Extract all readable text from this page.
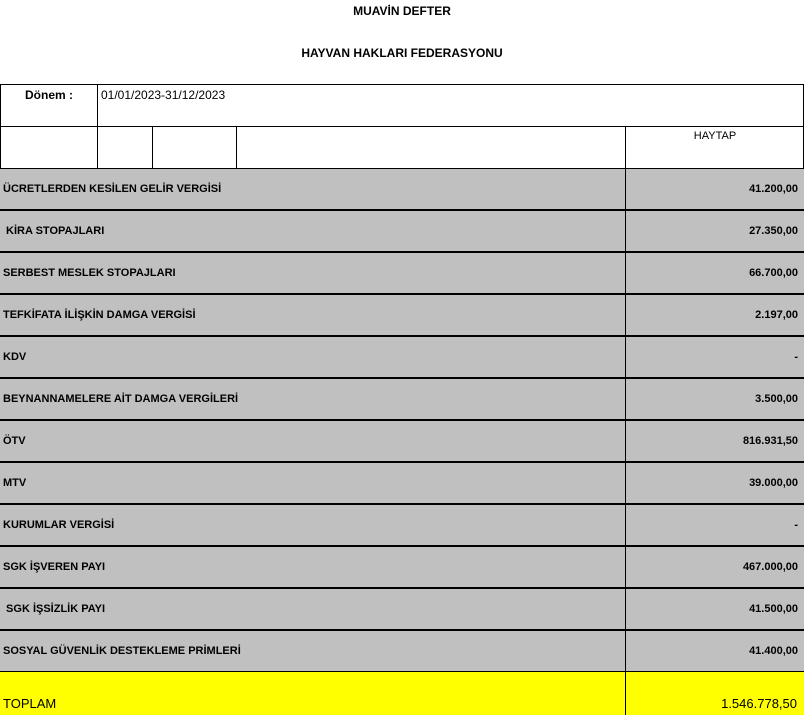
MUAVİN DEFTER
HAYVAN HAKLARI FEDERASYONU
Dönem : 01/01/2023-31/12/2023
HAYTAP
ÜCRETLERDEN KESİLEN GELİR VERGİSİ	41.200,00
KİRA STOPAJLARI	27.350,00
SERBEST MESLEK STOPAJLARI	66.700,00
TEFKİFATA İLİŞKİN DAMGA VERGİSİ	2.197,00
KDV	-
BEYNANNAMELERE AİT DAMGA VERGİLERİ	3.500,00
ÖTV	816.931,50
MTV	39.000,00
KURUMLAR VERGİSİ	-
SGK İŞVEREN PAYI	467.000,00
SGK İŞSİZLİK PAYI	41.500,00
SOSYAL GÜVENLİK DESTEKLEME PRİMLERİ	41.400,00
TOPLAM	1.546.778,50
